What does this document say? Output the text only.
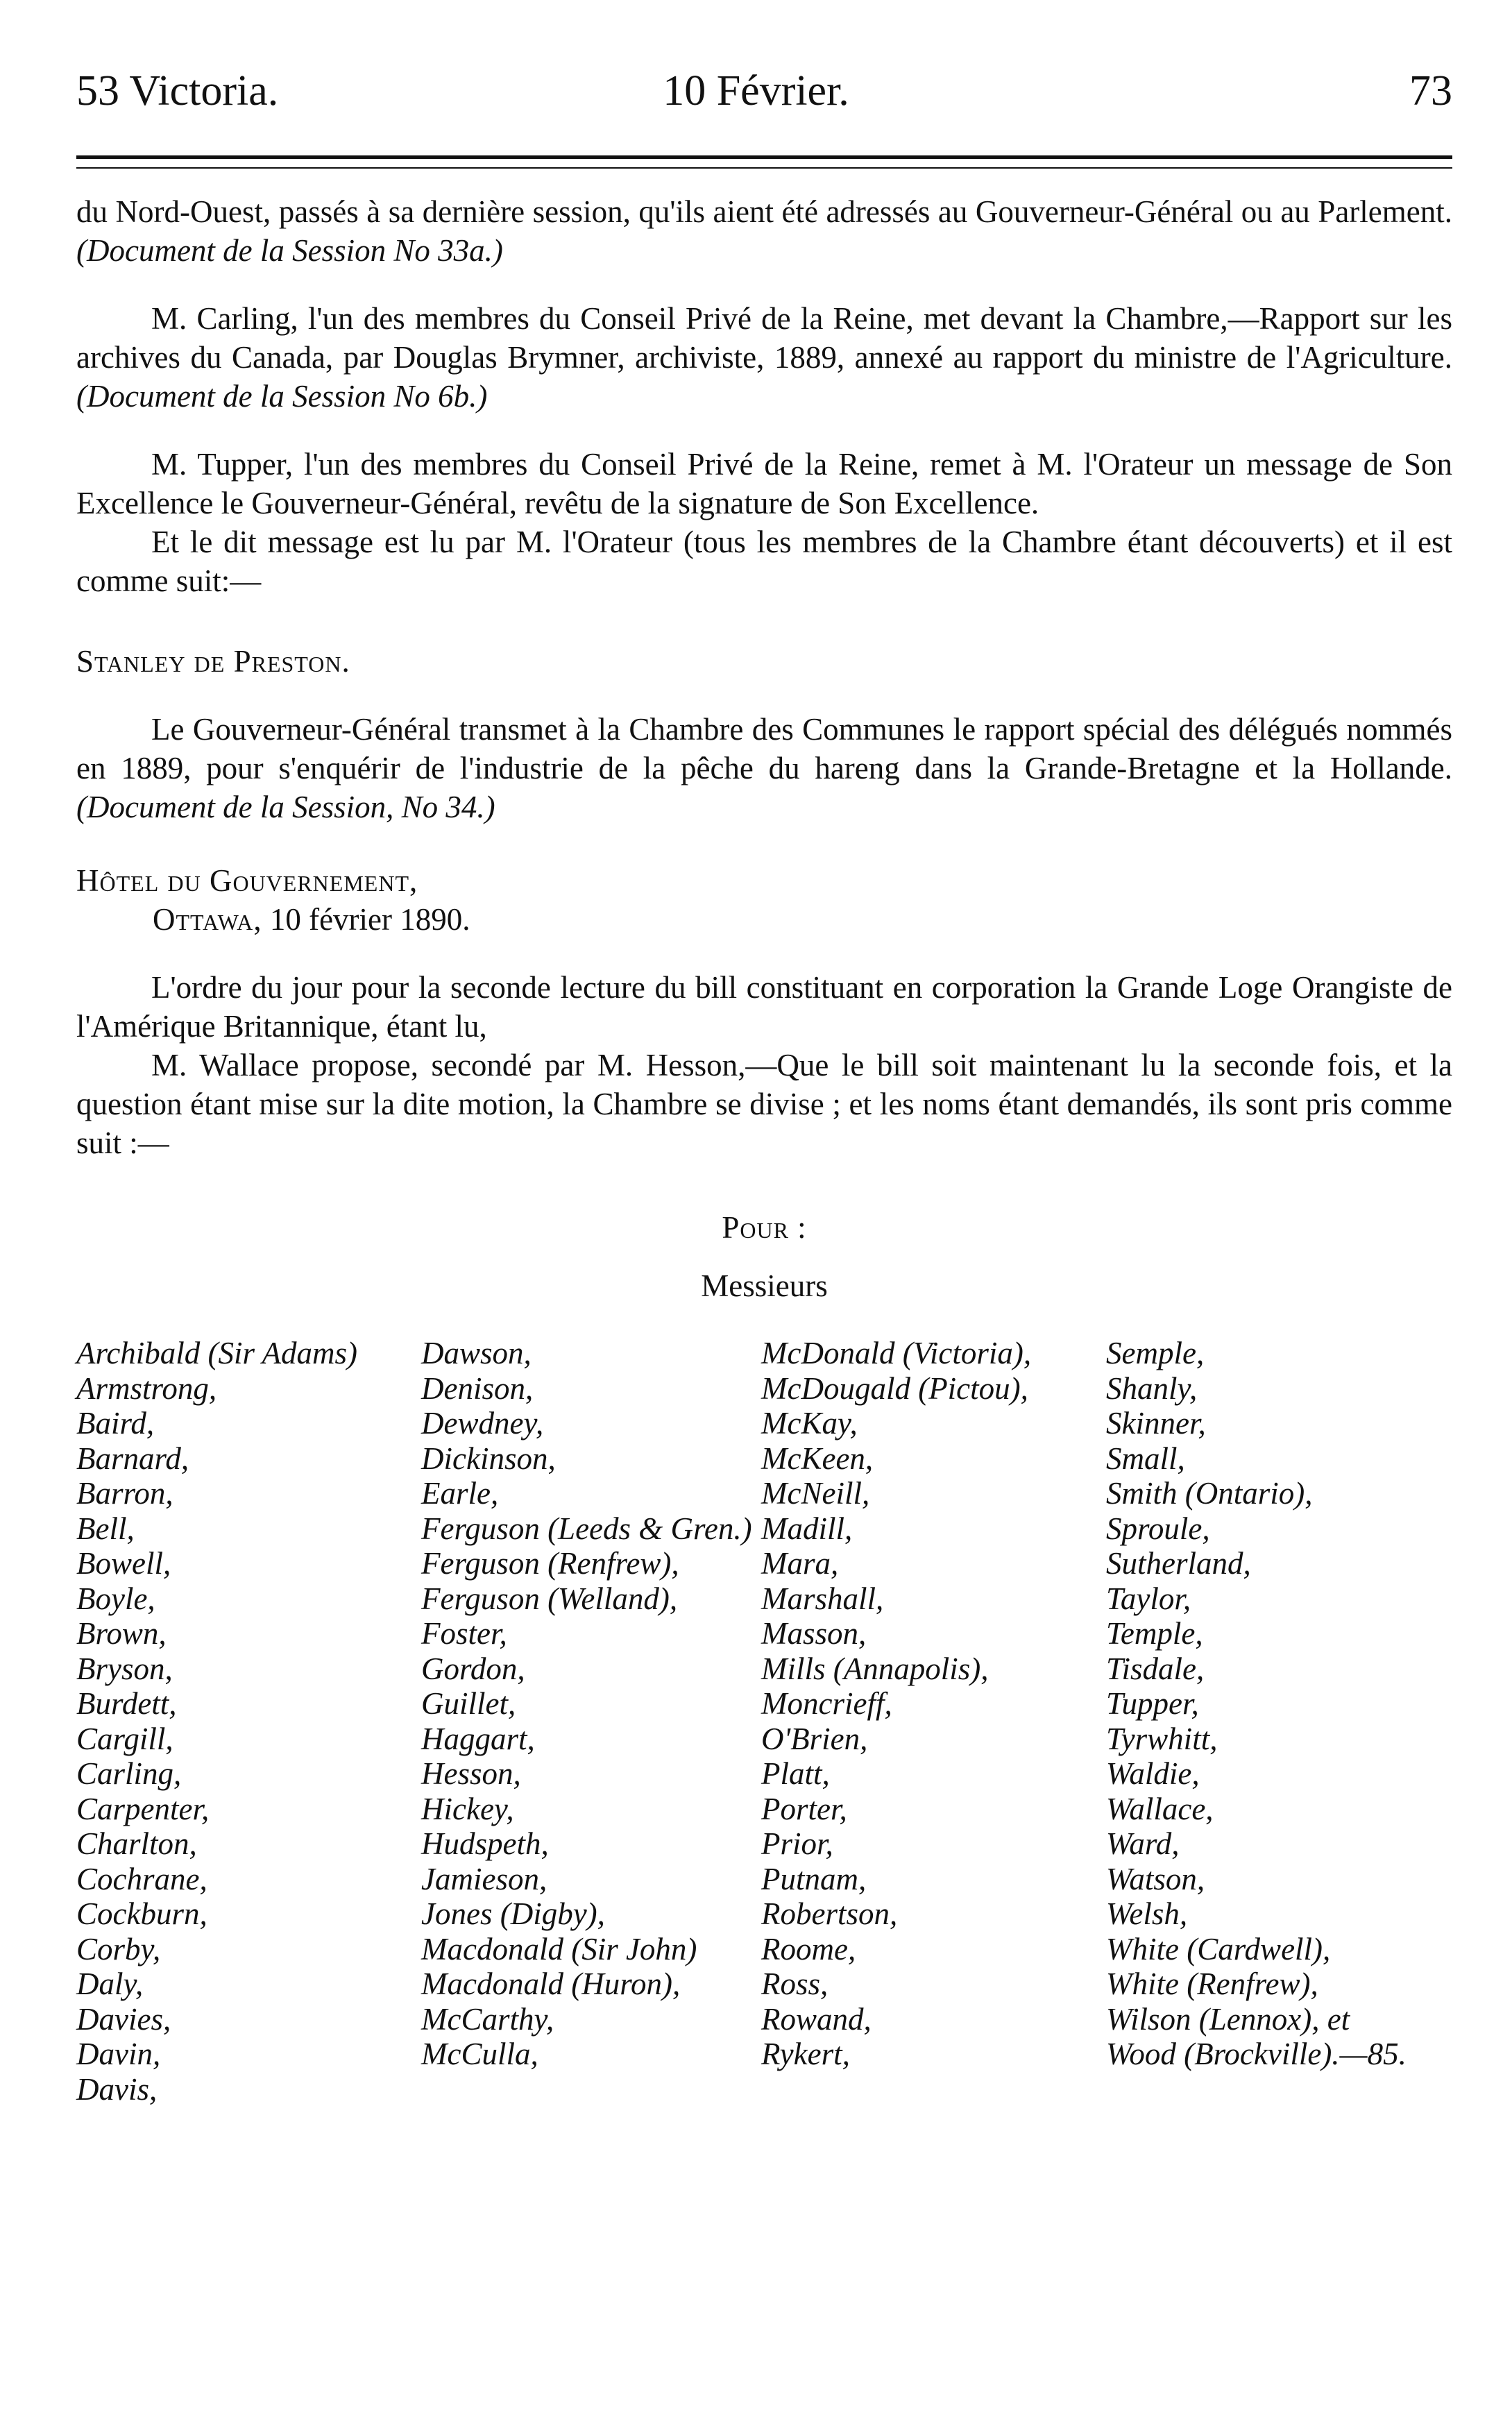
53 Victoria.	10 Février.	73

du Nord-Ouest, passés à sa dernière session, qu'ils aient été adressés au Gouverneur-Général ou au Parlement. (Document de la Session No 33a.)

M. Carling, l'un des membres du Conseil Privé de la Reine, met devant la Chambre,—Rapport sur les archives du Canada, par Douglas Brymner, archiviste, 1889, annexé au rapport du ministre de l'Agriculture. (Document de la Session No 6b.)

M. Tupper, l'un des membres du Conseil Privé de la Reine, remet à M. l'Orateur un message de Son Excellence le Gouverneur-Général, revêtu de la signature de Son Excellence.

Et le dit message est lu par M. l'Orateur (tous les membres de la Chambre étant découverts) et il est comme suit:—

Stanley de Preston.

Le Gouverneur-Général transmet à la Chambre des Communes le rapport spécial des délégués nommés en 1889, pour s'enquérir de l'industrie de la pêche du hareng dans la Grande-Bretagne et la Hollande. (Document de la Session, No 34.)

Hôtel du Gouvernement,
Ottawa, 10 février 1890.

L'ordre du jour pour la seconde lecture du bill constituant en corporation la Grande Loge Orangiste de l'Amérique Britannique, étant lu,

M. Wallace propose, secondé par M. Hesson,—Que le bill soit maintenant lu la seconde fois, et la question étant mise sur la dite motion, la Chambre se divise ; et les noms étant demandés, ils sont pris comme suit :—

Pour :
Messieurs
Archibald (Sir Adams)
Armstrong,
Baird,
Barnard,
Barron,
Bell,
Bowell,
Boyle,
Brown,
Bryson,
Burdett,
Cargill,
Carling,
Carpenter,
Charlton,
Cochrane,
Cockburn,
Corby,
Daly,
Davies,
Davin,
Davis,
Dawson,
Denison,
Dewdney,
Dickinson,
Earle,
Ferguson (Leeds & Gren.)
Ferguson (Renfrew),
Ferguson (Welland),
Foster,
Gordon,
Guillet,
Haggart,
Hesson,
Hickey,
Hudspeth,
Jamieson,
Jones (Digby),
Macdonald (Sir John)
Macdonald (Huron),
McCarthy,
McCulla,
McDonald (Victoria),
McDougald (Pictou),
McKay,
McKeen,
McNeill,
Madill,
Mara,
Marshall,
Masson,
Mills (Annapolis),
Moncrieff,
O'Brien,
Platt,
Porter,
Prior,
Putnam,
Robertson,
Roome,
Ross,
Rowand,
Rykert,
Semple,
Shanly,
Skinner,
Small,
Smith (Ontario),
Sproule,
Sutherland,
Taylor,
Temple,
Tisdale,
Tupper,
Tyrwhitt,
Waldie,
Wallace,
Ward,
Watson,
Welsh,
White (Cardwell),
White (Renfrew),
Wilson (Lennox), et
Wood (Brockville).—85.
